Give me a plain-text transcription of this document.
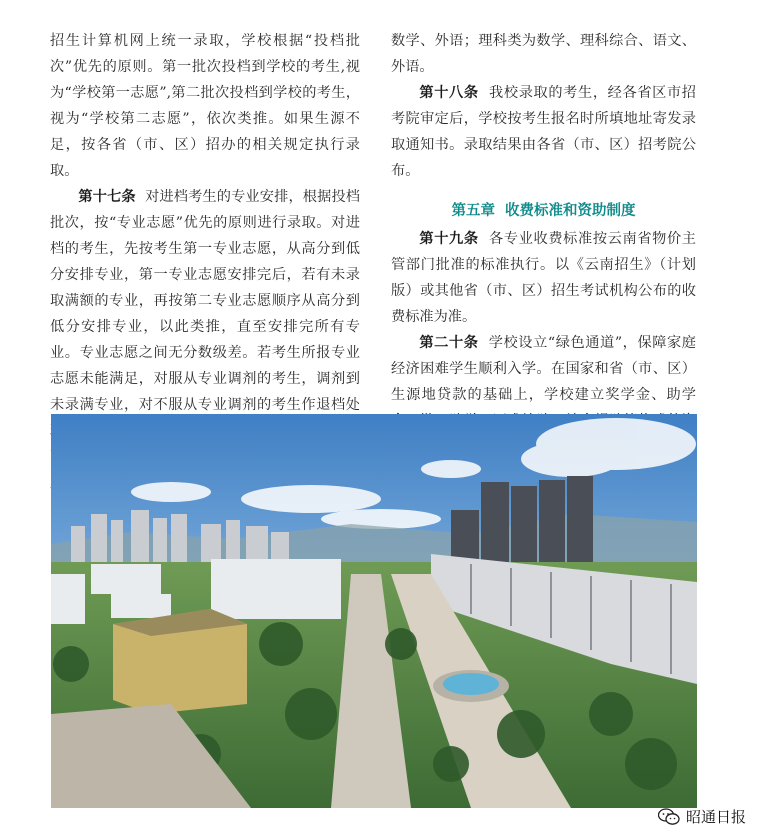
招生计算机网上统一录取，学校根据“投档批次”优先的原则。第一批次投档到学校的考生,视为“学校第一志愿”,第二批次投档到学校的考生，视为“学校第二志愿”，依次类推。如果生源不足，按各省（市、区）招办的相关规定执行录取。

第十七条 对进档考生的专业安排，根据投档批次，按“专业志愿”优先的原则进行录取。对进档的考生，先按考生第一专业志愿，从高分到低分安排专业，第一专业志愿安排完后，若有未录取满额的专业，再按第二专业志愿顺序从高分到低分安排专业，以此类推，直至安排完所有专业。专业志愿之间无分数级差。若考生所报专业志愿未能满足，对服从专业调剂的考生，调剂到未录满专业，对不服从专业调剂的考生作退档处

数学、外语；理科类为数学、理科综合、语文、外语。

第十八条 我校录取的考生，经各省区市招考院审定后，学校按考生报名时所填地址寄发录取通知书。录取结果由各省（市、区）招考院公布。

第五章 收费标准和资助制度

第十九条 各专业收费标准按云南省物价主管部门批准的标准执行。以《云南招生》（计划版）或其他省（市、区）招生考试机构公布的收费标准为准。

第二十条 学校设立“绿色通道”，保障家庭经济困难学生顺利入学。在国家和省（市、区）生源地贷款的基础上，学校建立奖学金、助学

昭通日报
